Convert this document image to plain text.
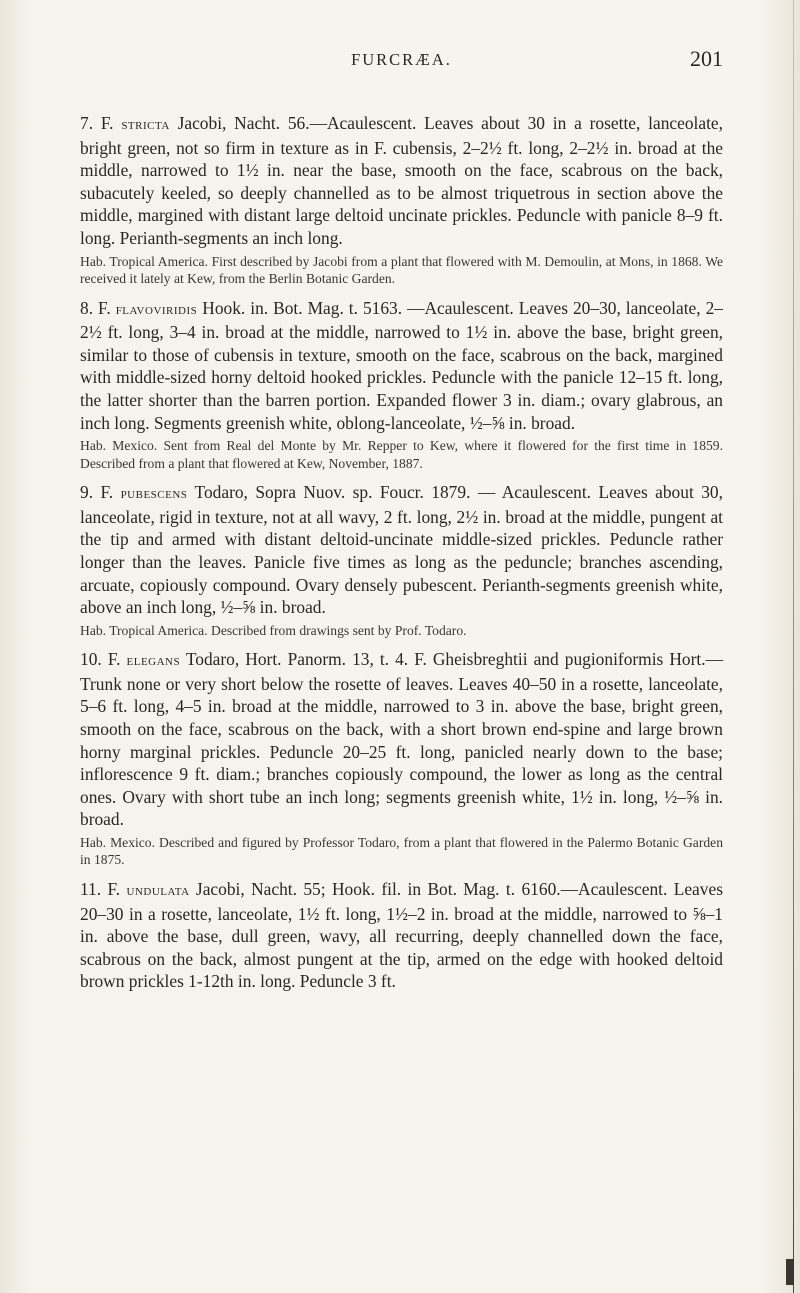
FURCRÆA.	201

7. F. stricta Jacobi, Nacht. 56.—Acaulescent. Leaves about 30 in a rosette, lanceolate, bright green, not so firm in texture as in F. cubensis, 2–2½ ft. long, 2–2½ in. broad at the middle, narrowed to 1½ in. near the base, smooth on the face, scabrous on the back, subacutely keeled, so deeply channelled as to be almost triquetrous in section above the middle, margined with distant large deltoid uncinate prickles. Peduncle with panicle 8–9 ft. long. Perianth-segments an inch long.

Hab. Tropical America. First described by Jacobi from a plant that flowered with M. Demoulin, at Mons, in 1868. We received it lately at Kew, from the Berlin Botanic Garden.

8. F. flavoviridis Hook. in. Bot. Mag. t. 5163. —Acaulescent. Leaves 20–30, lanceolate, 2–2½ ft. long, 3–4 in. broad at the middle, narrowed to 1½ in. above the base, bright green, similar to those of cubensis in texture, smooth on the face, scabrous on the back, margined with middle-sized horny deltoid hooked prickles. Peduncle with the panicle 12–15 ft. long, the latter shorter than the barren portion. Expanded flower 3 in. diam.; ovary glabrous, an inch long. Segments greenish white, oblong-lanceolate, ½–⅝ in. broad.

Hab. Mexico. Sent from Real del Monte by Mr. Repper to Kew, where it flowered for the first time in 1859. Described from a plant that flowered at Kew, November, 1887.

9. F. pubescens Todaro, Sopra Nuov. sp. Foucr. 1879. — Acaulescent. Leaves about 30, lanceolate, rigid in texture, not at all wavy, 2 ft. long, 2½ in. broad at the middle, pungent at the tip and armed with distant deltoid-uncinate middle-sized prickles. Peduncle rather longer than the leaves. Panicle five times as long as the peduncle; branches ascending, arcuate, copiously compound. Ovary densely pubescent. Perianth-segments greenish white, above an inch long, ½–⅝ in. broad.

Hab. Tropical America. Described from drawings sent by Prof. Todaro.

10. F. elegans Todaro, Hort. Panorm. 13, t. 4. F. Gheisbreghtii and pugioniformis Hort.—Trunk none or very short below the rosette of leaves. Leaves 40–50 in a rosette, lanceolate, 5–6 ft. long, 4–5 in. broad at the middle, narrowed to 3 in. above the base, bright green, smooth on the face, scabrous on the back, with a short brown end-spine and large brown horny marginal prickles. Peduncle 20–25 ft. long, panicled nearly down to the base; inflorescence 9 ft. diam.; branches copiously compound, the lower as long as the central ones. Ovary with short tube an inch long; segments greenish white, 1½ in. long, ½–⅝ in. broad.

Hab. Mexico. Described and figured by Professor Todaro, from a plant that flowered in the Palermo Botanic Garden in 1875.

11. F. undulata Jacobi, Nacht. 55; Hook. fil. in Bot. Mag. t. 6160.—Acaulescent. Leaves 20–30 in a rosette, lanceolate, 1½ ft. long, 1½–2 in. broad at the middle, narrowed to ⅝–1 in. above the base, dull green, wavy, all recurring, deeply channelled down the face, scabrous on the back, almost pungent at the tip, armed on the edge with hooked deltoid brown prickles 1-12th in. long. Peduncle 3 ft.
